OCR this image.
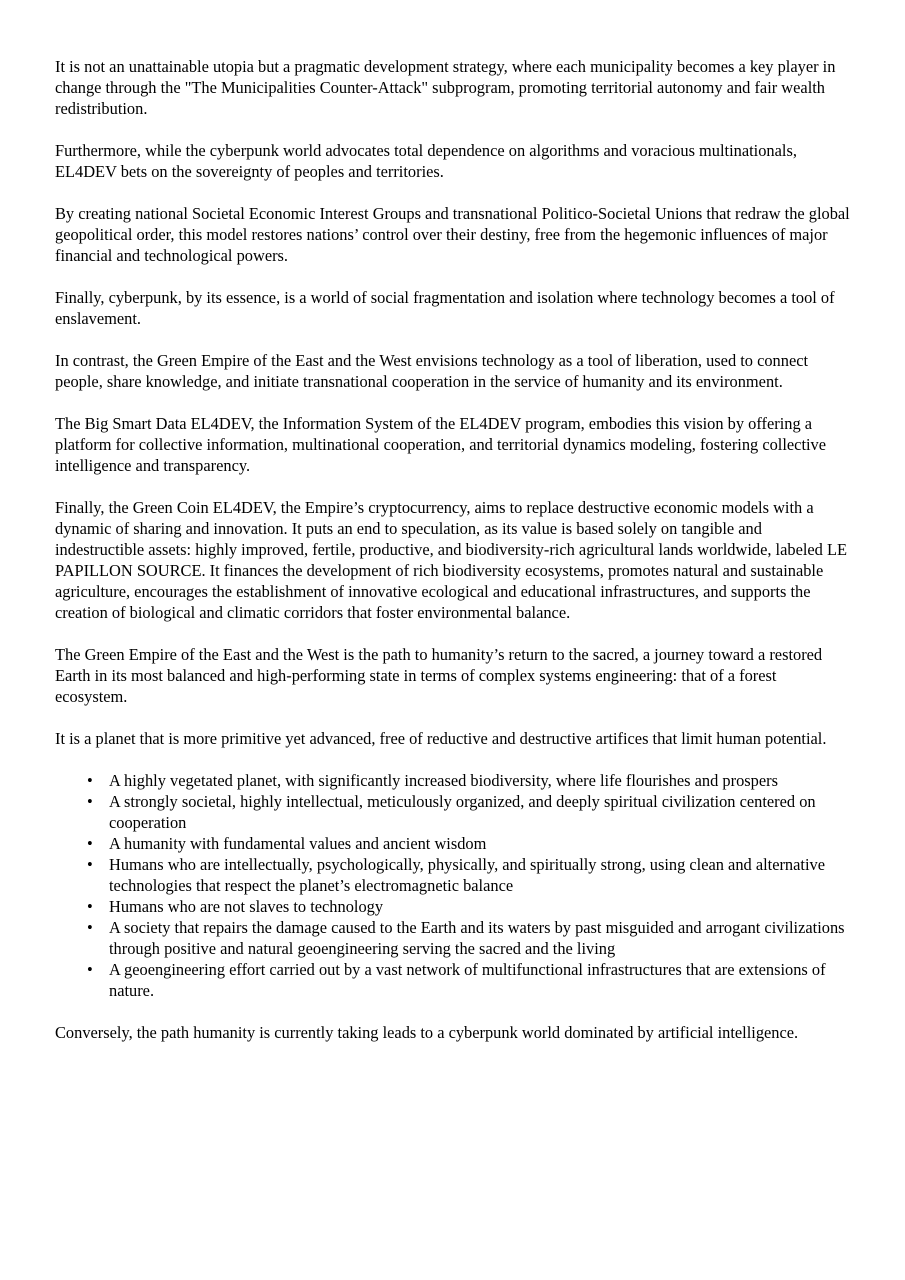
It is not an unattainable utopia but a pragmatic development strategy, where each municipality becomes a key player in change through the "The Municipalities Counter-Attack" subprogram, promoting territorial autonomy and fair wealth redistribution.

Furthermore, while the cyberpunk world advocates total dependence on algorithms and voracious multinationals, EL4DEV bets on the sovereignty of peoples and territories.

By creating national Societal Economic Interest Groups and transnational Politico-Societal Unions that redraw the global geopolitical order, this model restores nations’ control over their destiny, free from the hegemonic influences of major financial and technological powers.

Finally, cyberpunk, by its essence, is a world of social fragmentation and isolation where technology becomes a tool of enslavement.

In contrast, the Green Empire of the East and the West envisions technology as a tool of liberation, used to connect people, share knowledge, and initiate transnational cooperation in the service of humanity and its environment.

The Big Smart Data EL4DEV, the Information System of the EL4DEV program, embodies this vision by offering a platform for collective information, multinational cooperation, and territorial dynamics modeling, fostering collective intelligence and transparency.

Finally, the Green Coin EL4DEV, the Empire’s cryptocurrency, aims to replace destructive economic models with a dynamic of sharing and innovation. It puts an end to speculation, as its value is based solely on tangible and indestructible assets: highly improved, fertile, productive, and biodiversity-rich agricultural lands worldwide, labeled LE PAPILLON SOURCE. It finances the development of rich biodiversity ecosystems, promotes natural and sustainable agriculture, encourages the establishment of innovative ecological and educational infrastructures, and supports the creation of biological and climatic corridors that foster environmental balance.

The Green Empire of the East and the West is the path to humanity’s return to the sacred, a journey toward a restored Earth in its most balanced and high-performing state in terms of complex systems engineering: that of a forest ecosystem.

It is a planet that is more primitive yet advanced, free of reductive and destructive artifices that limit human potential.

• A highly vegetated planet, with significantly increased biodiversity, where life flourishes and prospers
• A strongly societal, highly intellectual, meticulously organized, and deeply spiritual civilization centered on cooperation
• A humanity with fundamental values and ancient wisdom
• Humans who are intellectually, psychologically, physically, and spiritually strong, using clean and alternative technologies that respect the planet’s electromagnetic balance
• Humans who are not slaves to technology
• A society that repairs the damage caused to the Earth and its waters by past misguided and arrogant civilizations through positive and natural geoengineering serving the sacred and the living
• A geoengineering effort carried out by a vast network of multifunctional infrastructures that are extensions of nature.

Conversely, the path humanity is currently taking leads to a cyberpunk world dominated by artificial intelligence.
